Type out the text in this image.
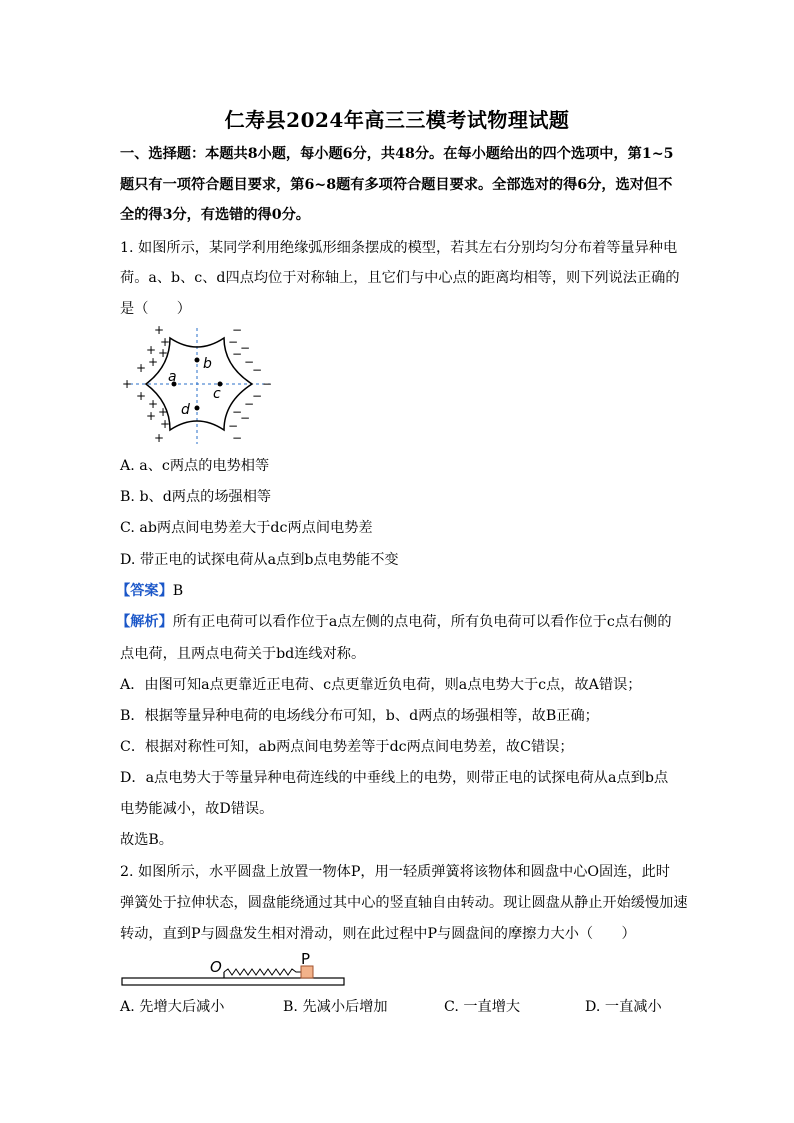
仁寿县2024年高三三模考试物理试题
一、选择题：本题共8小题，每小题6分，共48分。在每小题给出的四个选项中，第1~5
题只有一项符合题目要求，第6~8题有多项符合题目要求。全部选对的得6分，选对但不
全的得3分，有选错的得0分。
1. 如图所示，某同学利用绝缘弧形细条摆成的模型，若其左右分别均匀分布着等量异种电
荷。a、b、c、d四点均位于对称轴上，且它们与中心点的距离均相等，则下列说法正确的
是（　　）
a
b
c
d
+
+
+
+
+
+
+
+
+
+
+
+
+
−
− −
−
−
−
−
−
−
−
−
−
−
A. a、c两点的电势相等
B. b、d两点的场强相等
C. ab两点间电势差大于dc两点间电势差
D. 带正电的试探电荷从a点到b点电势能不变
【答案】B
【解析】所有正电荷可以看作位于a点左侧的点电荷，所有负电荷可以看作位于c点右侧的
点电荷，且两点电荷关于bd连线对称。
A．由图可知a点更靠近正电荷、c点更靠近负电荷，则a点电势大于c点，故A错误；
B．根据等量异种电荷的电场线分布可知，b、d两点的场强相等，故B正确；
C．根据对称性可知，ab两点间电势差等于dc两点间电势差，故C错误；
D．a点电势大于等量异种电荷连线的中垂线上的电势，则带正电的试探电荷从a点到b点
电势能减小，故D错误。
故选B。
2. 如图所示，水平圆盘上放置一物体P，用一轻质弹簧将该物体和圆盘中心O固连，此时
弹簧处于拉伸状态，圆盘能绕通过其中心的竖直轴自由转动。现让圆盘从静止开始缓慢加速
转动，直到P与圆盘发生相对滑动，则在此过程中P与圆盘间的摩擦力大小（　　）
O	P
A. 先增大后减小	B. 先减小后增加	C. 一直增大	D. 一直减小
